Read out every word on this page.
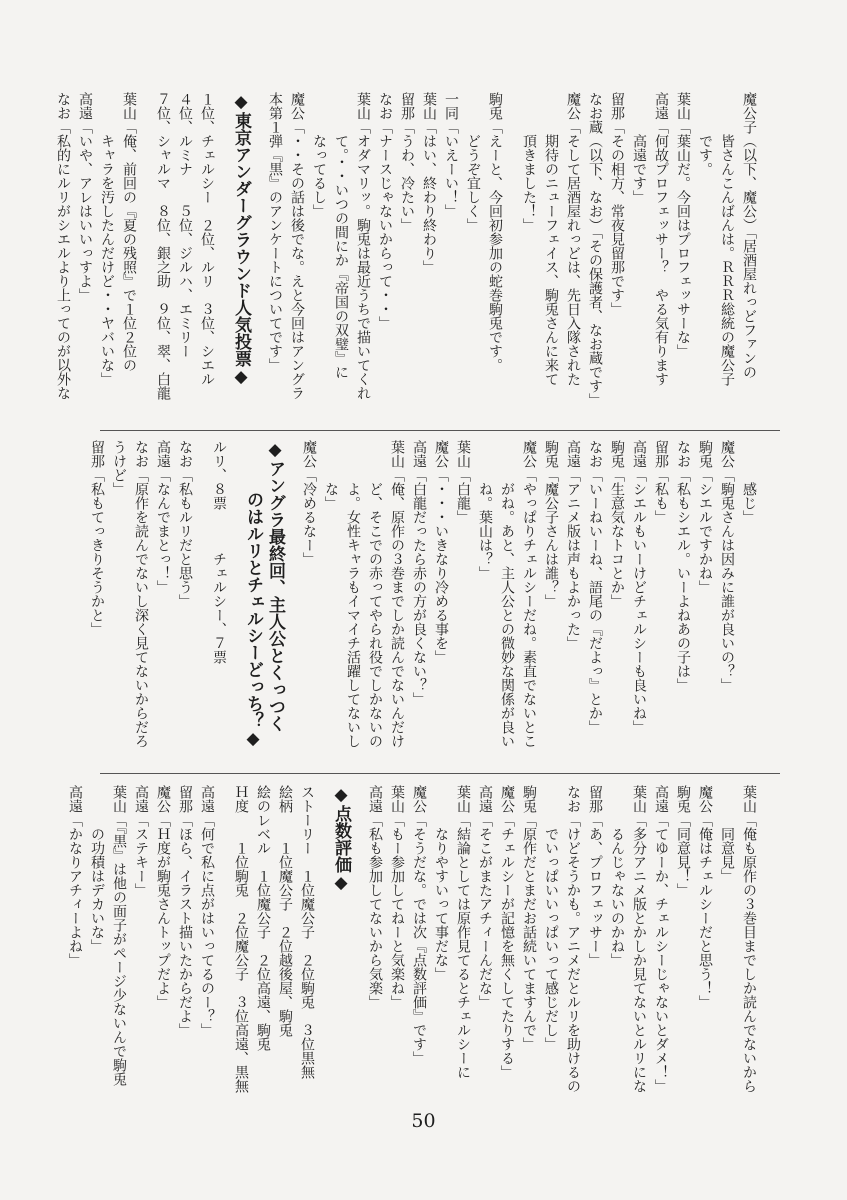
魔公子（以下、魔公）「居酒屋れっどファンの
皆さんこんばんは。ＲＲＲ総統の魔公子
です。
葉山「葉山だ。今回はプロフェッサーな」
高遠「何故プロフェッサー？　やる気有ります
高遠です」
留那「その相方、常夜見留那です」
なお蔵（以下、なお）「その保護者、なお蔵です」
魔公「そして居酒屋れっどは、先日入隊された
期待のニューフェイス、駒兎さんに来て
頂きました！」
駒兎「えーと、今回初参加の蛇巻駒兎です。
どうぞ宜しく」
一同「いえーい！」
葉山「はい、終わり終わり」
留那「うわ、冷たい」
なお「ナースじゃないからって・・」
葉山「オダマリッ。駒兎は最近うちで描いてくれ
て。・・いつの間にか『帝国の双璧』に
なってるし」
魔公「・・その話は後でな。えと今回はアングラ
本第１弾『黒』のアンケートについてです」
◆東京アンダーグラウンド人気投票◆
１位、チェルシー　２位、ルリ　３位、シエル
４位、ルミナ　　５位、ジルハ、エミリー
７位、シャルマ　８位、銀之助　９位、翠、白龍
葉山「俺、前回の『夏の残照』で１位２位の
キャラを汚したんだけど・・ヤバいな」
高遠「いや、アレはいいっすよ」
なお「私的にルリがシエルより上ってのが以外な
感じ」
魔公「駒兎さんは因みに誰が良いの？」
駒兎「シエルですかね」
なお「私もシエル。いーよねあの子は」
留那「私も」
高遠「シエルもいーけどチェルシーも良いね」
駒兎「生意気なトコとか」
なお「いーねいーね、語尾の『だよっ』とか」
高遠「アニメ版は声もよかった」
駒兎「魔公子さんは誰？」
魔公「やっぱりチェルシーだね。素直でないとこ
がね。あと、主人公との微妙な関係が良い
ね。葉山は？」
葉山「白龍」
魔公「・・・いきなり冷める事を」
高遠「白龍だったら赤の方が良くない？」
葉山「俺、原作の３巻までしか読んでないんだけ
ど、そこでの赤ってやられ役でしかないの
よ。女性キャラもイマイチ活躍してないし
な」
魔公「冷めるなー」
◆アングラ最終回、主人公とくっつく
のはルリとチェルシーどっち？◆
ルリ、８票　　　チェルシー、７票
なお「私もルリだと思う」
高遠「なんでまとっ！」
なお「原作を読んでないし深く見てないからだろ
うけど」
留那「私もてっきりそうかと」
葉山「俺も原作の３巻目までしか読んでないから
同意見」
魔公「俺はチェルシーだと思う！」
駒兎「同意見！」
高遠「てゆーか、チェルシーじゃないとダメ！」
葉山「多分アニメ版とかしか見てないとルリにな
るんじゃないのかね」
留那「あ、プロフェッサー」
なお「けどそうかも。アニメだとルリを助けるの
でいっぱいいっぱいって感じだし」
駒兎「原作だとまだお話続いてますんで」
魔公「チェルシーが記憶を無くしてたりする」
高遠「そこがまたアチィーんだな」
葉山「結論としては原作見てるとチェルシーに
なりやすいって事だな」
魔公「そうだな。では次『点数評価』です」
葉山「もー参加してねーと気楽ね」
高遠「私も参加してないから気楽」
◆点数評価◆
ストーリー　１位魔公子　２位駒兎　３位黒無
絵柄　　１位魔公子　２位越後屋、駒兎
絵のレベル　１位魔公子　２位高遠、駒兎
Ｈ度　　１位駒兎　２位魔公子　３位高遠、黒無
高遠「何で私に点がはいってるのー？」
留那「ほら、イラスト描いたからだよ」
魔公「Ｈ度が駒兎さんトップだよ」
高遠「ステキー」
葉山「『黒』は他の面子がページ少ないんで駒兎
の功積はデカいな」
高遠「かなりアチィーよね」
50
